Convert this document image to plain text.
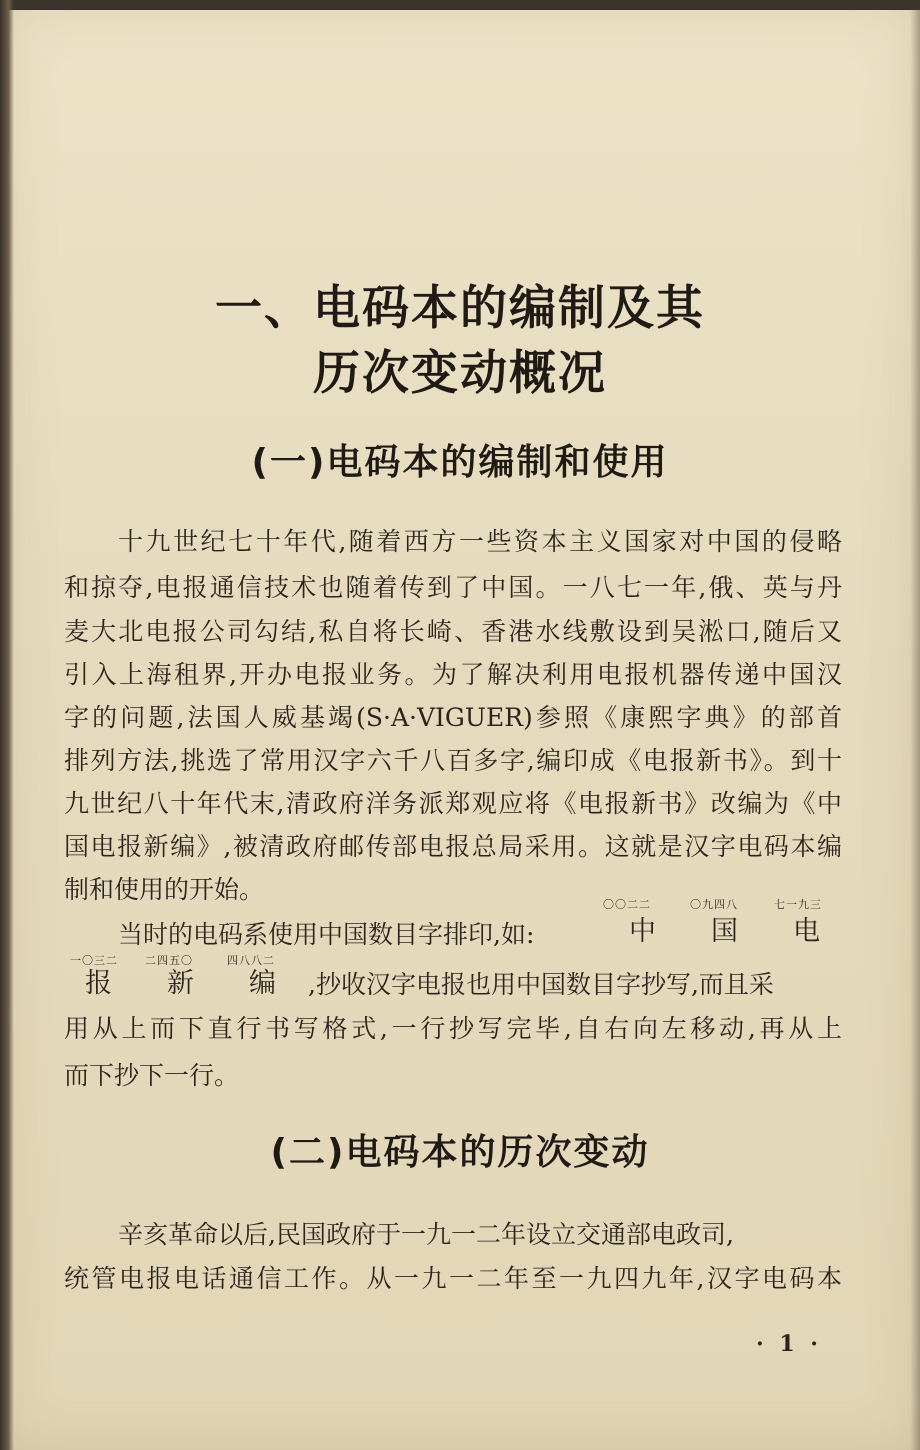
一、电码本的编制及其
历次变动概况
(一)电码本的编制和使用
十九世纪七十年代,随着西方一些资本主义国家对中国的侵略
和掠夺,电报通信技术也随着传到了中国。一八七一年,俄、英与丹
麦大北电报公司勾结,私自将长崎、香港水线敷设到吴淞口,随后又
引入上海租界,开办电报业务。为了解决利用电报机器传递中国汉
字的问题,法国人威基竭(S·A·VIGUER)参照《康熙字典》的部首
排列方法,挑选了常用汉字六千八百多字,编印成《电报新书》。到十
九世纪八十年代末,清政府洋务派郑观应将《电报新书》改编为《中
国电报新编》,被清政府邮传部电报总局采用。这就是汉字电码本编
制和使用的开始。
〇〇二二	〇九四八	七一九三
当时的电码系使用中国数目字排印,如:	中 国 电
一〇三二 二四五〇	四八八二
报 新 编 ,抄收汉字电报也用中国数目字抄写,而且采
用从上而下直行书写格式,一行抄写完毕,自右向左移动,再从上
而下抄下一行。
(二)电码本的历次变动
辛亥革命以后,民国政府于一九一二年设立交通部电政司,
统管电报电话通信工作。从一九一二年至一九四九年,汉字电码本
· 1 ·
